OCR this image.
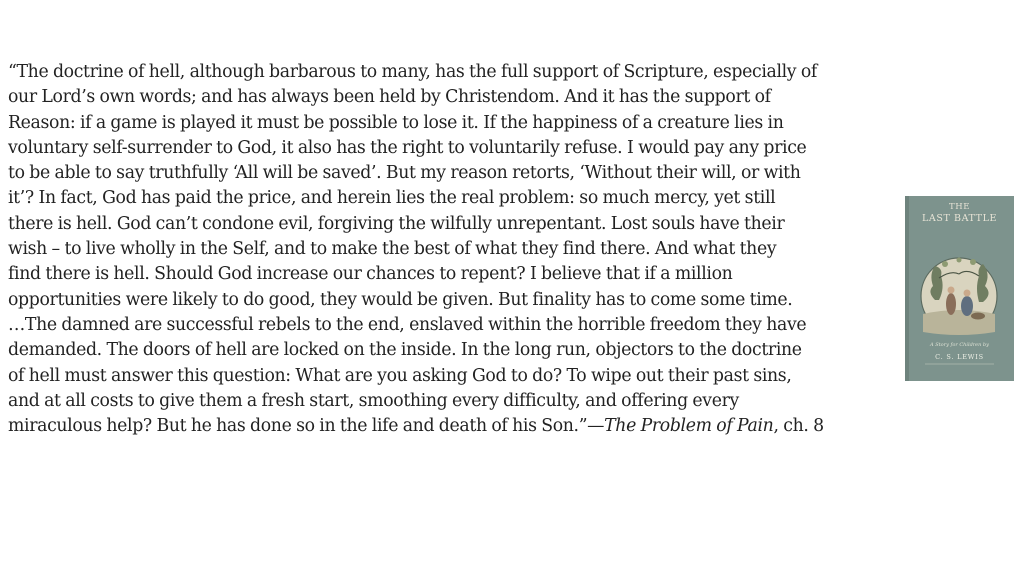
“The doctrine of hell, although barbarous to many, has the full support of Scripture, especially of
our Lord’s own words; and has always been held by Christendom. And it has the support of
Reason: if a game is played it must be possible to lose it. If the happiness of a creature lies in
voluntary self-surrender to God, it also has the right to voluntarily refuse. I would pay any price
to be able to say truthfully ‘All will be saved’. But my reason retorts, ‘Without their will, or with
it’? In fact, God has paid the price, and herein lies the real problem: so much mercy, yet still
there is hell. God can’t condone evil, forgiving the wilfully unrepentant. Lost souls have their
wish – to live wholly in the Self, and to make the best of what they find there. And what they
find there is hell. Should God increase our chances to repent? I believe that if a million
opportunities were likely to do good, they would be given. But finality has to come some time.
…The damned are successful rebels to the end, enslaved within the horrible freedom they have
demanded. The doors of hell are locked on the inside. In the long run, objectors to the doctrine
of hell must answer this question: What are you asking God to do? To wipe out their past sins,
and at all costs to give them a fresh start, smoothing every difficulty, and offering every
miraculous help? But he has done so in the life and death of his Son.”—The Problem of Pain, ch. 8
THE
LAST BATTLE
A Story for Children by
C. S. LEWIS
